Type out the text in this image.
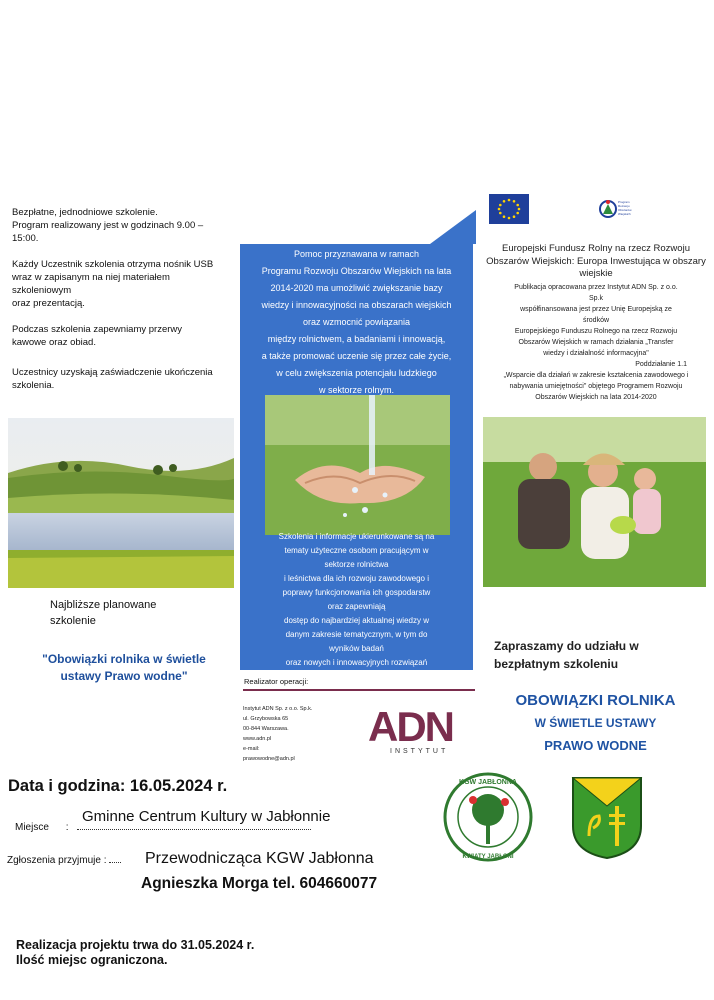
Bezpłatne, jednodniowe szkolenie.
Program realizowany jest w godzinach 9.00 –
15:00.
Każdy Uczestnik szkolenia otrzyma nośnik USB
wraz w zapisanym na niej materiałem
szkoleniowym
oraz prezentacją.
Podczas szkolenia zapewniamy przerwy
kawowe oraz obiad.
Uczestnicy uzyskają zaświadczenie ukończenia
szkolenia.
Najbliższe planowane
szkolenie
"Obowiązki rolnika w świetle
ustawy Prawo wodne"
Pomoc przyznawana w ramach
Programu Rozwoju Obszarów Wiejskich na lata
2014-2020 ma umożliwić zwiększanie bazy
wiedzy i innowacyjności na obszarach wiejskich
oraz wzmocnić powiązania
między rolnictwem, a badaniami i innowacją,
a także promować uczenie się przez całe życie,
w celu zwiększenia potencjału ludzkiego
w sektorze rolnym.
Szkolenia i informacje ukierunkowane są na
tematy użyteczne osobom pracującym w
sektorze rolnictwa
i leśnictwa dla ich rozwoju zawodowego i
poprawy funkcjonowania ich gospodarstw
oraz zapewniają
dostęp do najbardziej aktualnej wiedzy w
danym zakresie tematycznym, w tym do
wyników badań
oraz nowych i innowacyjnych rozwiązań
Realizator operacji:
Instytut ADN Sp. z o.o. Sp.k.
ul. Grzybowska 65
00-844 Warszawa.
www.adn.pl
e-mail:
prawowodne@adn.pl
ADN
INSTYTUT
Program Rozwoju Obszarów Wiejskich
Europejski Fundusz Rolny na rzecz Rozwoju
Obszarów Wiejskich: Europa Inwestująca w obszary
wiejskie
Publikacja opracowana przez Instytut ADN Sp. z o.o.
Sp.k
współfinansowana jest przez Unię Europejską ze
środków
Europejskiego Funduszu Rolnego na rzecz Rozwoju
Obszarów Wiejskich w ramach działania „Transfer
wiedzy i działalność informacyjna"
Poddziałanie 1.1
„Wsparcie dla działań w zakresie kształcenia zawodowego i
nabywania umiejętności" objętego Programem Rozwoju
Obszarów Wiejskich na lata 2014-2020
Zapraszamy do udziału w
bezpłatnym szkoleniu
OBOWIĄZKI ROLNIKA
W ŚWIETLE USTAWY
PRAWO WODNE
Data i godzina: 16.05.2024 r.
Gminne Centrum Kultury w Jabłonnie
Miejsce :
Zgłoszenia przyjmuje :	Przewodnicząca KGW Jabłonna
Agnieszka Morga tel. 604660077
Realizacja projektu trwa do 31.05.2024 r.
Ilość miejsc ograniczona.
KGW JABŁONNA
KWIATY JABŁONI
